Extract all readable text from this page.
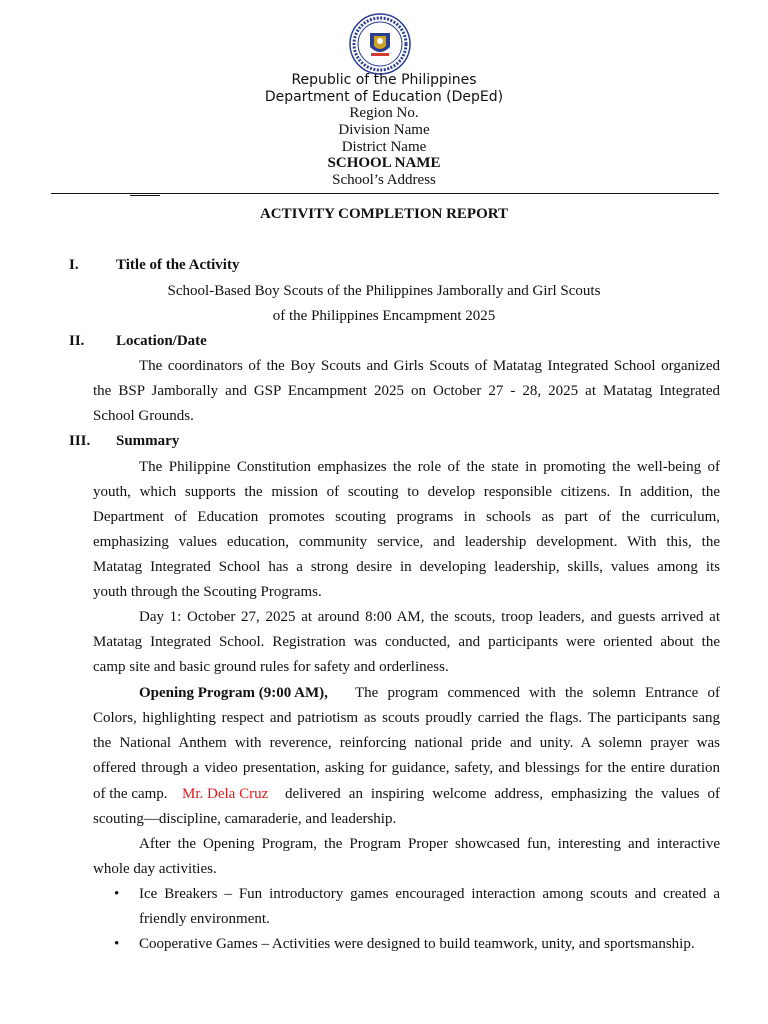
Republic of the Philippines
Department of Education (DepEd)
Region No.
Division Name
District Name
SCHOOL NAME
School’s Address
ACTIVITY COMPLETION REPORT
I. Title of the Activity
School-Based Boy Scouts of the Philippines Jamborally and Girl Scouts
of the Philippines Encampment 2025
II. Location/Date
The coordinators of the Boy Scouts and Girls Scouts of Matatag Integrated School organized
the BSP Jamborally and GSP Encampment 2025 on October 27 - 28, 2025 at Matatag Integrated
School Grounds.
III. Summary
The Philippine Constitution emphasizes the role of the state in promoting the well-being of
youth, which supports the mission of scouting to develop responsible citizens. In addition, the
Department of Education promotes scouting programs in schools as part of the curriculum,
emphasizing values education, community service, and leadership development. With this, the
Matatag Integrated School has a strong desire in developing leadership, skills, values among its
youth through the Scouting Programs.
Day 1: October 27, 2025 at around 8:00 AM, the scouts, troop leaders, and guests arrived at
Matatag Integrated School. Registration was conducted, and participants were oriented about the
camp site and basic ground rules for safety and orderliness.
Opening Program (9:00 AM), The program commenced with the solemn Entrance of
Colors, highlighting respect and patriotism as scouts proudly carried the flags. The participants sang
the National Anthem with reverence, reinforcing national pride and unity. A solemn prayer was
offered through a video presentation, asking for guidance, safety, and blessings for the entire duration
of the camp. Mr. Dela Cruz delivered an inspiring welcome address, emphasizing the values of
scouting—discipline, camaraderie, and leadership.
After the Opening Program, the Program Proper showcased fun, interesting and interactive
whole day activities.
• Ice Breakers – Fun introductory games encouraged interaction among scouts and created a
friendly environment.
• Cooperative Games – Activities were designed to build teamwork, unity, and sportsmanship.
